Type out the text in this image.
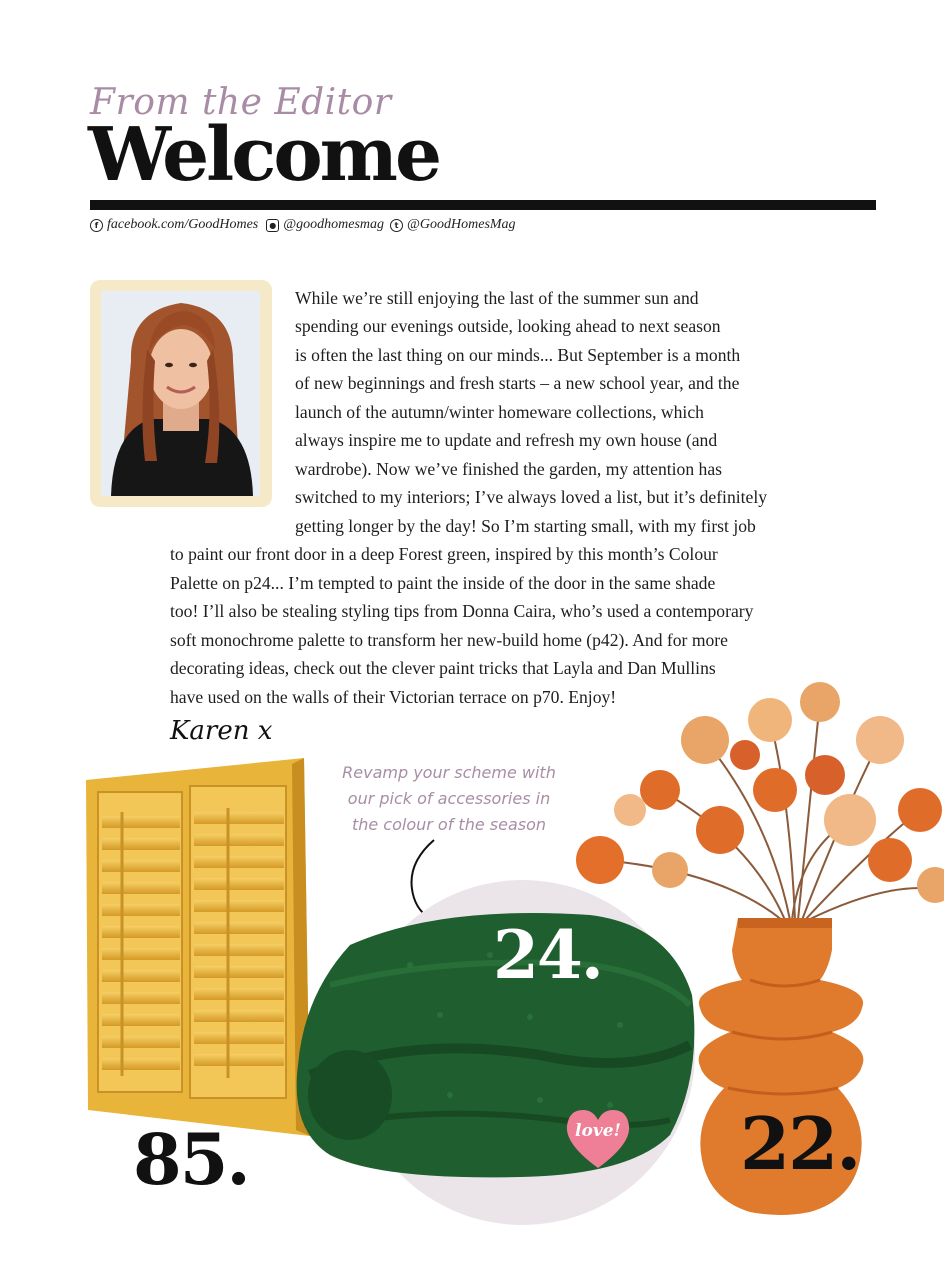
From the Editor
Welcome
f facebook.com/GoodHomes	● @goodhomesmag	t @GoodHomesMag
While we’re still enjoying the last of the summer sun and
spending our evenings outside, looking ahead to next season
is often the last thing on our minds... But September is a month
of new beginnings and fresh starts – a new school year, and the
launch of the autumn/winter homeware collections, which
always inspire me to update and refresh my own house (and
wardrobe). Now we’ve finished the garden, my attention has
switched to my interiors; I’ve always loved a list, but it’s definitely
getting longer by the day! So I’m starting small, with my first job
to paint our front door in a deep Forest green, inspired by this month’s Colour
Palette on p24... I’m tempted to paint the inside of the door in the same shade
too! I’ll also be stealing styling tips from Donna Caira, who’s used a contemporary
soft monochrome palette to transform her new-build home (p42). And for more
decorating ideas, check out the clever paint tricks that Layla and Dan Mullins
have used on the walls of their Victorian terrace on p70. Enjoy!
Karen x
Revamp your scheme with
our pick of accessories in
the colour of the season
24.
love!
85.	22.
